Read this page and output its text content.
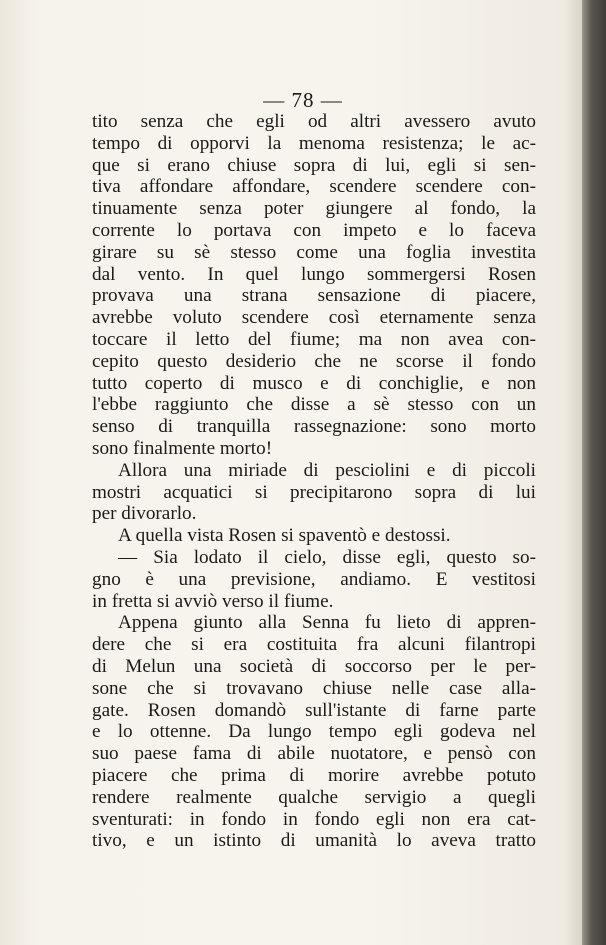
— 78 —
tito senza che egli od altri avessero avuto
tempo di opporvi la menoma resistenza; le ac-
que si erano chiuse sopra di lui, egli si sen-
tiva affondare affondare, scendere scendere con-
tinuamente senza poter giungere al fondo, la
corrente lo portava con impeto e lo faceva
girare su sè stesso come una foglia investita
dal vento. In quel lungo sommergersi Rosen
provava una strana sensazione di piacere,
avrebbe voluto scendere così eternamente senza
toccare il letto del fiume; ma non avea con-
cepito questo desiderio che ne scorse il fondo
tutto coperto di musco e di conchiglie, e non
l'ebbe raggiunto che disse a sè stesso con un
senso di tranquilla rassegnazione: sono morto
sono finalmente morto!
Allora una miriade di pesciolini e di piccoli
mostri acquatici si precipitarono sopra di lui
per divorarlo.
A quella vista Rosen si spaventò e destossi.
— Sia lodato il cielo, disse egli, questo so-
gno è una previsione, andiamo. E vestitosi
in fretta si avviò verso il fiume.
Appena giunto alla Senna fu lieto di appren-
dere che si era costituita fra alcuni filantropi
di Melun una società di soccorso per le per-
sone che si trovavano chiuse nelle case alla-
gate. Rosen domandò sull'istante di farne parte
e lo ottenne. Da lungo tempo egli godeva nel
suo paese fama di abile nuotatore, e pensò con
piacere che prima di morire avrebbe potuto
rendere realmente qualche servigio a quegli
sventurati: in fondo in fondo egli non era cat-
tivo, e un istinto di umanità lo aveva tratto
